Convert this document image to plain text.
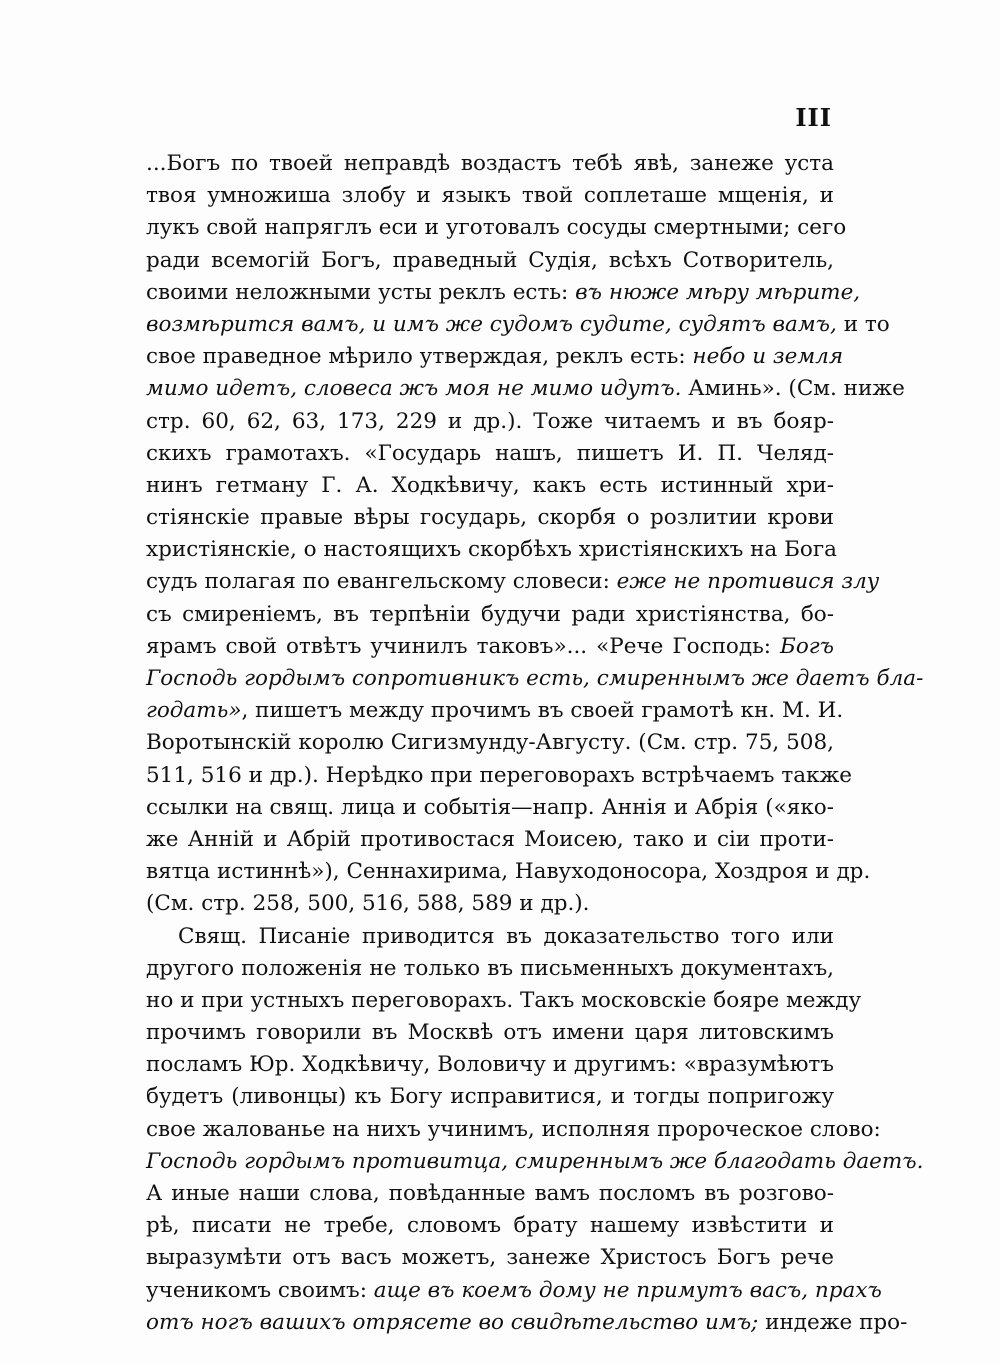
III
...Богъ по твоей неправдѣ воздастъ тебѣ явѣ, занеже уста
твоя умножиша злобу и языкъ твой соплеташе мщенія, и
лукъ свой напряглъ еси и уготовалъ сосуды смертными; сего
ради всемогій Богъ, праведный Судія, всѣхъ Сотворитель,
своими неложными усты реклъ есть: въ нюже мѣру мѣрите,
возмѣрится вамъ, и имъ же судомъ судите, судятъ вамъ, и то
свое праведное мѣрило утверждая, реклъ есть: небо и земля
мимо идетъ, словеса жъ моя не мимо идутъ. Аминь». (См. ниже
стр. 60, 62, 63, 173, 229 и др.). Тоже читаемъ и въ бояр-
скихъ грамотахъ. «Государь нашъ, пишетъ И. П. Челяд-
нинъ гетману Г. А. Ходкѣвичу, какъ есть истинный хри-
стіянскіе правые вѣры государь, скорбя о розлитии крови
христіянскіе, о настоящихъ скорбѣхъ христіянскихъ на Бога
судъ полагая по евангельскому словеси: еже не противися злу
съ смиреніемъ, въ терпѣніи будучи ради христіянства, бо-
ярамъ свой отвѣтъ учинилъ таковъ»... «Рече Господь: Богъ
Господь гордымъ сопротивникъ есть, смиреннымъ же даетъ бла-
годать», пишетъ между прочимъ въ своей грамотѣ кн. М. И.
Воротынскій королю Сигизмунду-Августу. (См. стр. 75, 508,
511, 516 и др.). Нерѣдко при переговорахъ встрѣчаемъ также
ссылки на свящ. лица и событія—напр. Аннія и Абрія («яко-
же Анній и Абрій противостася Моисею, тако и сіи проти-
вятца истиннѣ»), Сеннахирима, Навуходоносора, Хоздроя и др.
(См. стр. 258, 500, 516, 588, 589 и др.).
Свящ. Писаніе приводится въ доказательство того или
другого положенія не только въ письменныхъ документахъ,
но и при устныхъ переговорахъ. Такъ московскіе бояре между
прочимъ говорили въ Москвѣ отъ имени царя литовскимъ
посламъ Юр. Ходкѣвичу, Воловичу и другимъ: «вразумѣютъ
будетъ (ливонцы) къ Богу исправитися, и тогды попригожу
свое жалованье на нихъ учинимъ, исполняя пророческое слово:
Господь гордымъ противитца, смиреннымъ же благодать даетъ.
А иные наши слова, повѣданные вамъ посломъ въ розгово-
рѣ, писати не требе, словомъ брату нашему извѣстити и
выразумѣти отъ васъ можетъ, занеже Христосъ Богъ рече
ученикомъ своимъ: аще въ коемъ дому не примутъ васъ, прахъ
отъ ногъ вашихъ отрясете во свидѣтельство имъ; индеже про-
